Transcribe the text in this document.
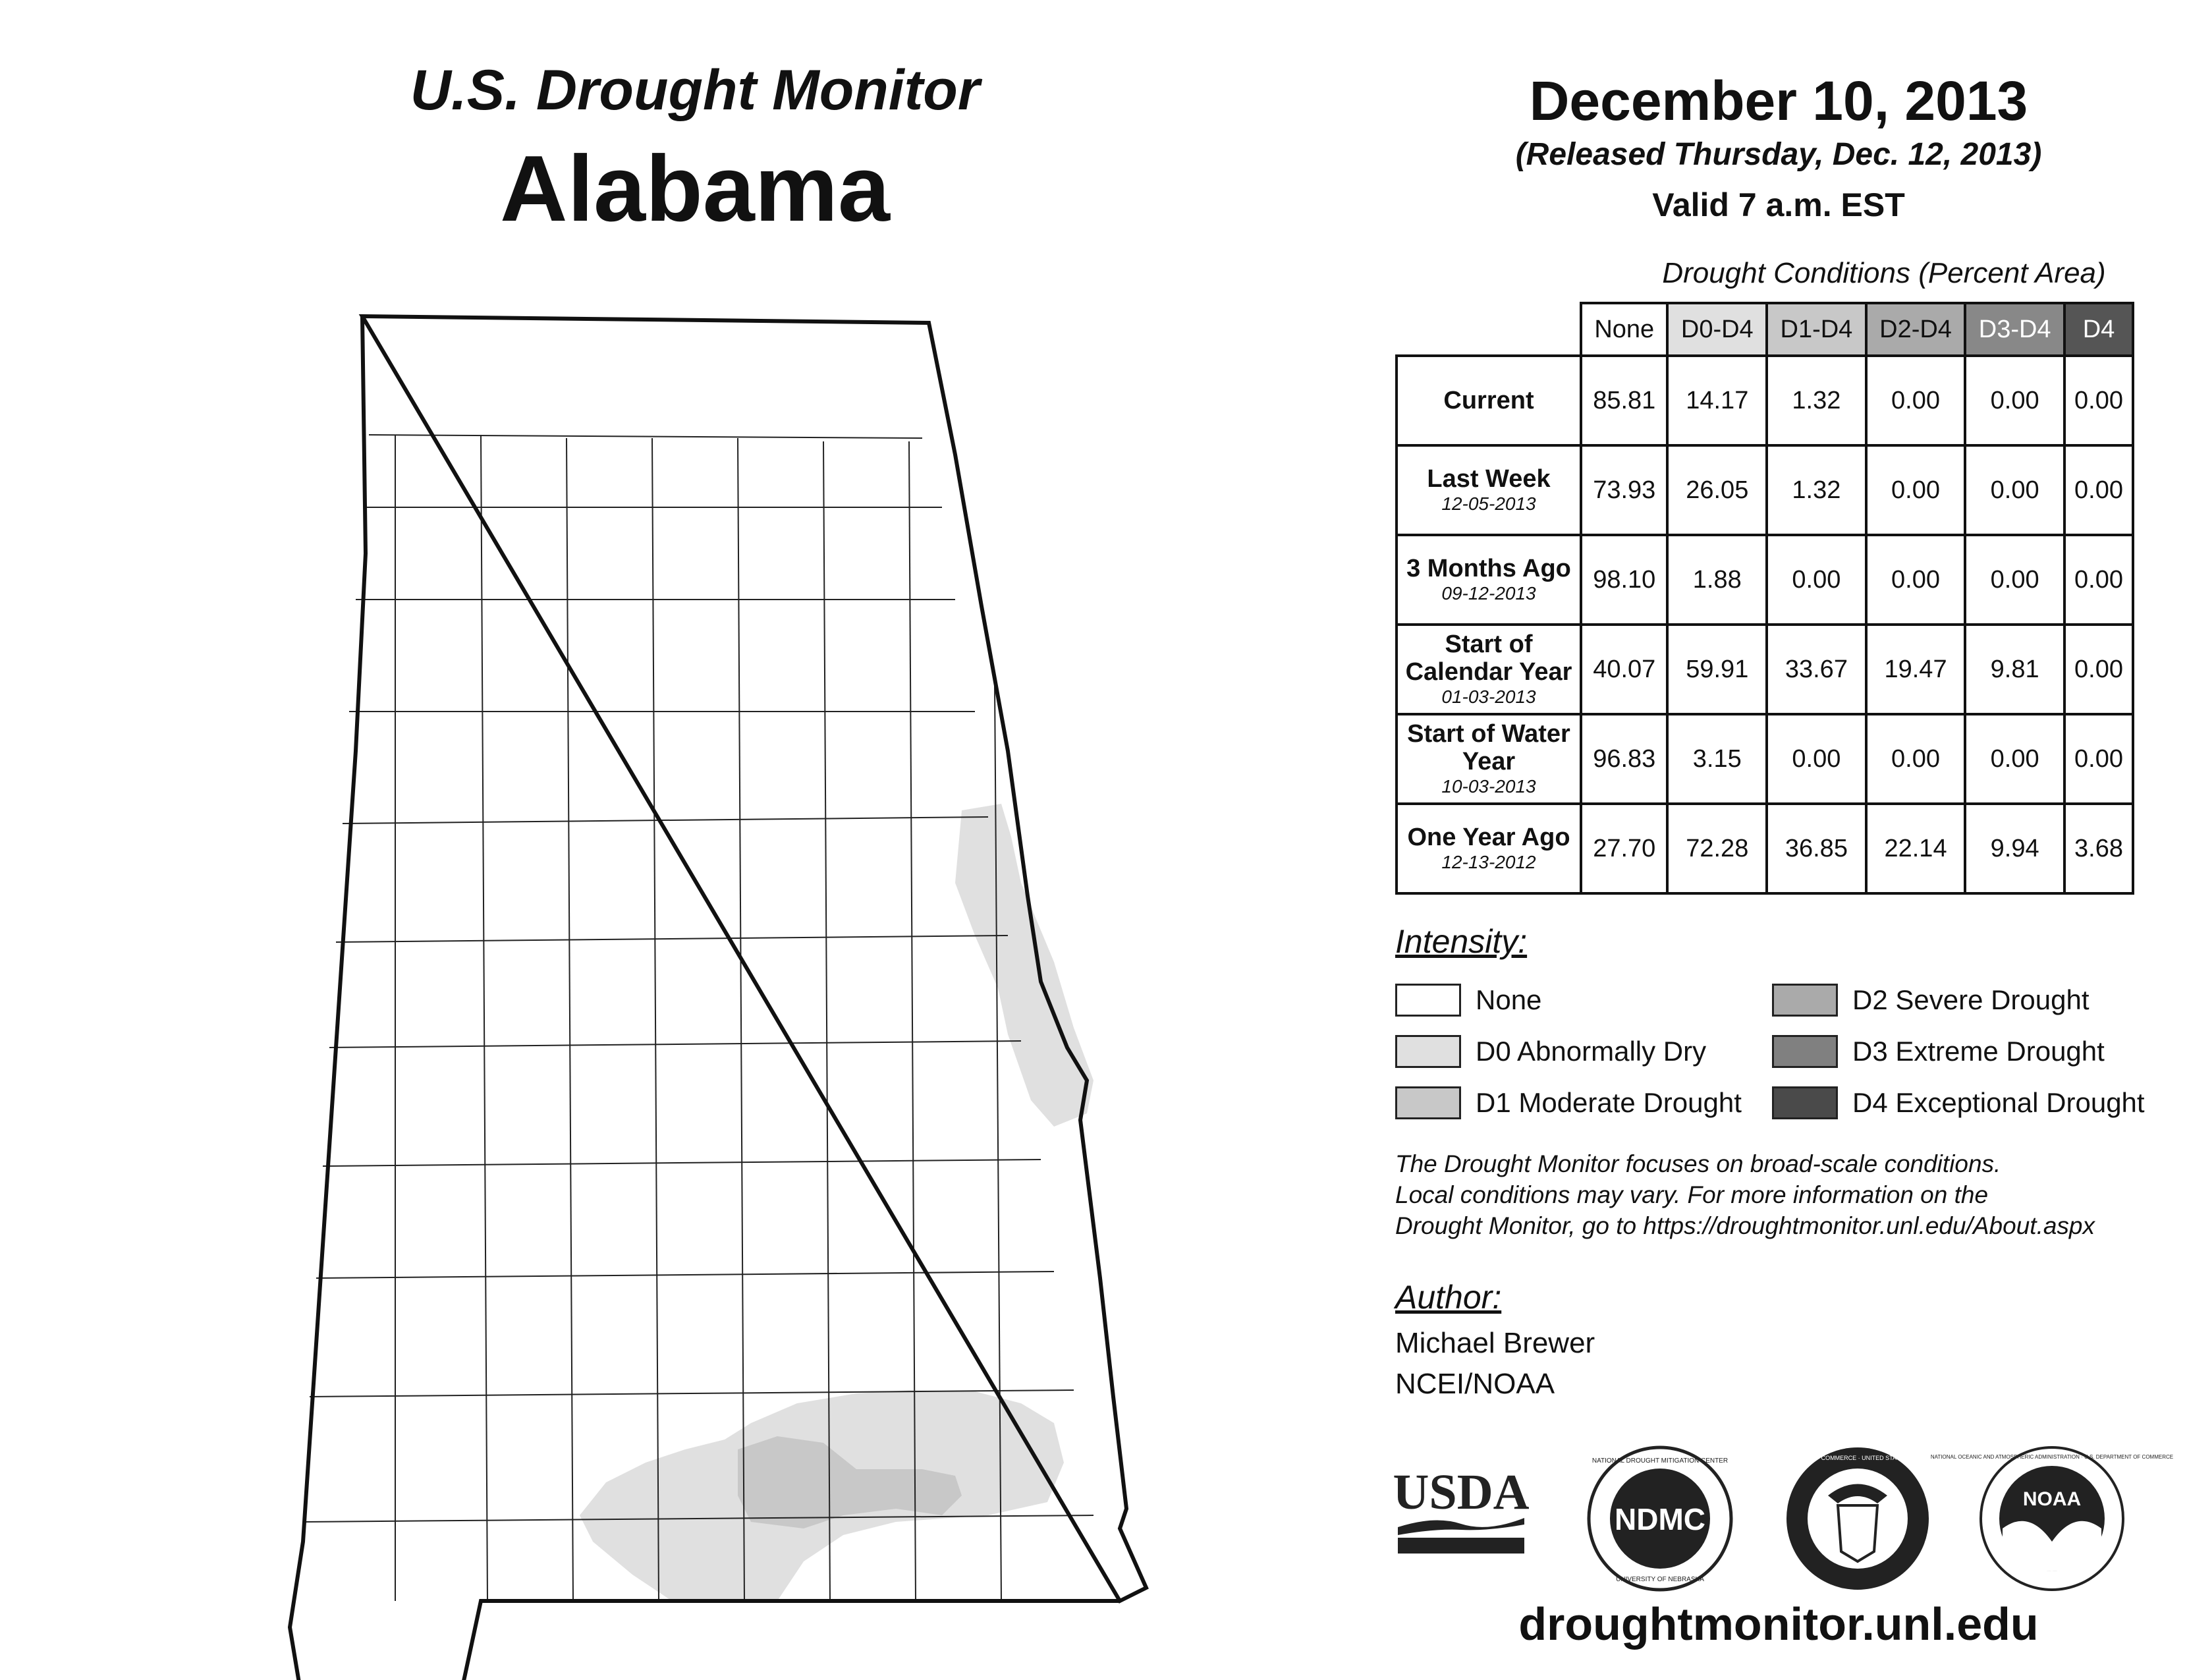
U.S. Drought Monitor
Alabama
December 10, 2013
(Released Thursday, Dec. 12, 2013)
Valid 7 a.m. EST
Drought Conditions (Percent Area)
	None	D0-D4	D1-D4	D2-D4	D3-D4	D4
Current	85.81	14.17	1.32	0.00	0.00	0.00
Last Week
12-05-2013	73.93	26.05	1.32	0.00	0.00	0.00
3 Months Ago
09-12-2013	98.10	1.88	0.00	0.00	0.00	0.00
Start of Calendar Year
01-03-2013	40.07	59.91	33.67	19.47	9.81	0.00
Start of Water Year
10-03-2013	96.83	3.15	0.00	0.00	0.00	0.00
One Year Ago
12-13-2012	27.70	72.28	36.85	22.14	9.94	3.68
Intensity:
None
D0 Abnormally Dry
D1 Moderate Drought
D2 Severe Drought
D3 Extreme Drought
D4 Exceptional Drought
The Drought Monitor focuses on broad-scale conditions.
Local conditions may vary. For more information on the
Drought Monitor, go to https://droughtmonitor.unl.edu/About.aspx
Author:
Michael Brewer
NCEI/NOAA
USDA	NDMC
NATIONAL DROUGHT MITIGATION CENTER
UNIVERSITY OF NEBRASKA
DEPARTMENT OF COMMERCE · UNITED STATES OF AMERICA
NOAA
NATIONAL OCEANIC AND ATMOSPHERIC ADMINISTRATION · U.S. DEPARTMENT OF COMMERCE
droughtmonitor.unl.edu
